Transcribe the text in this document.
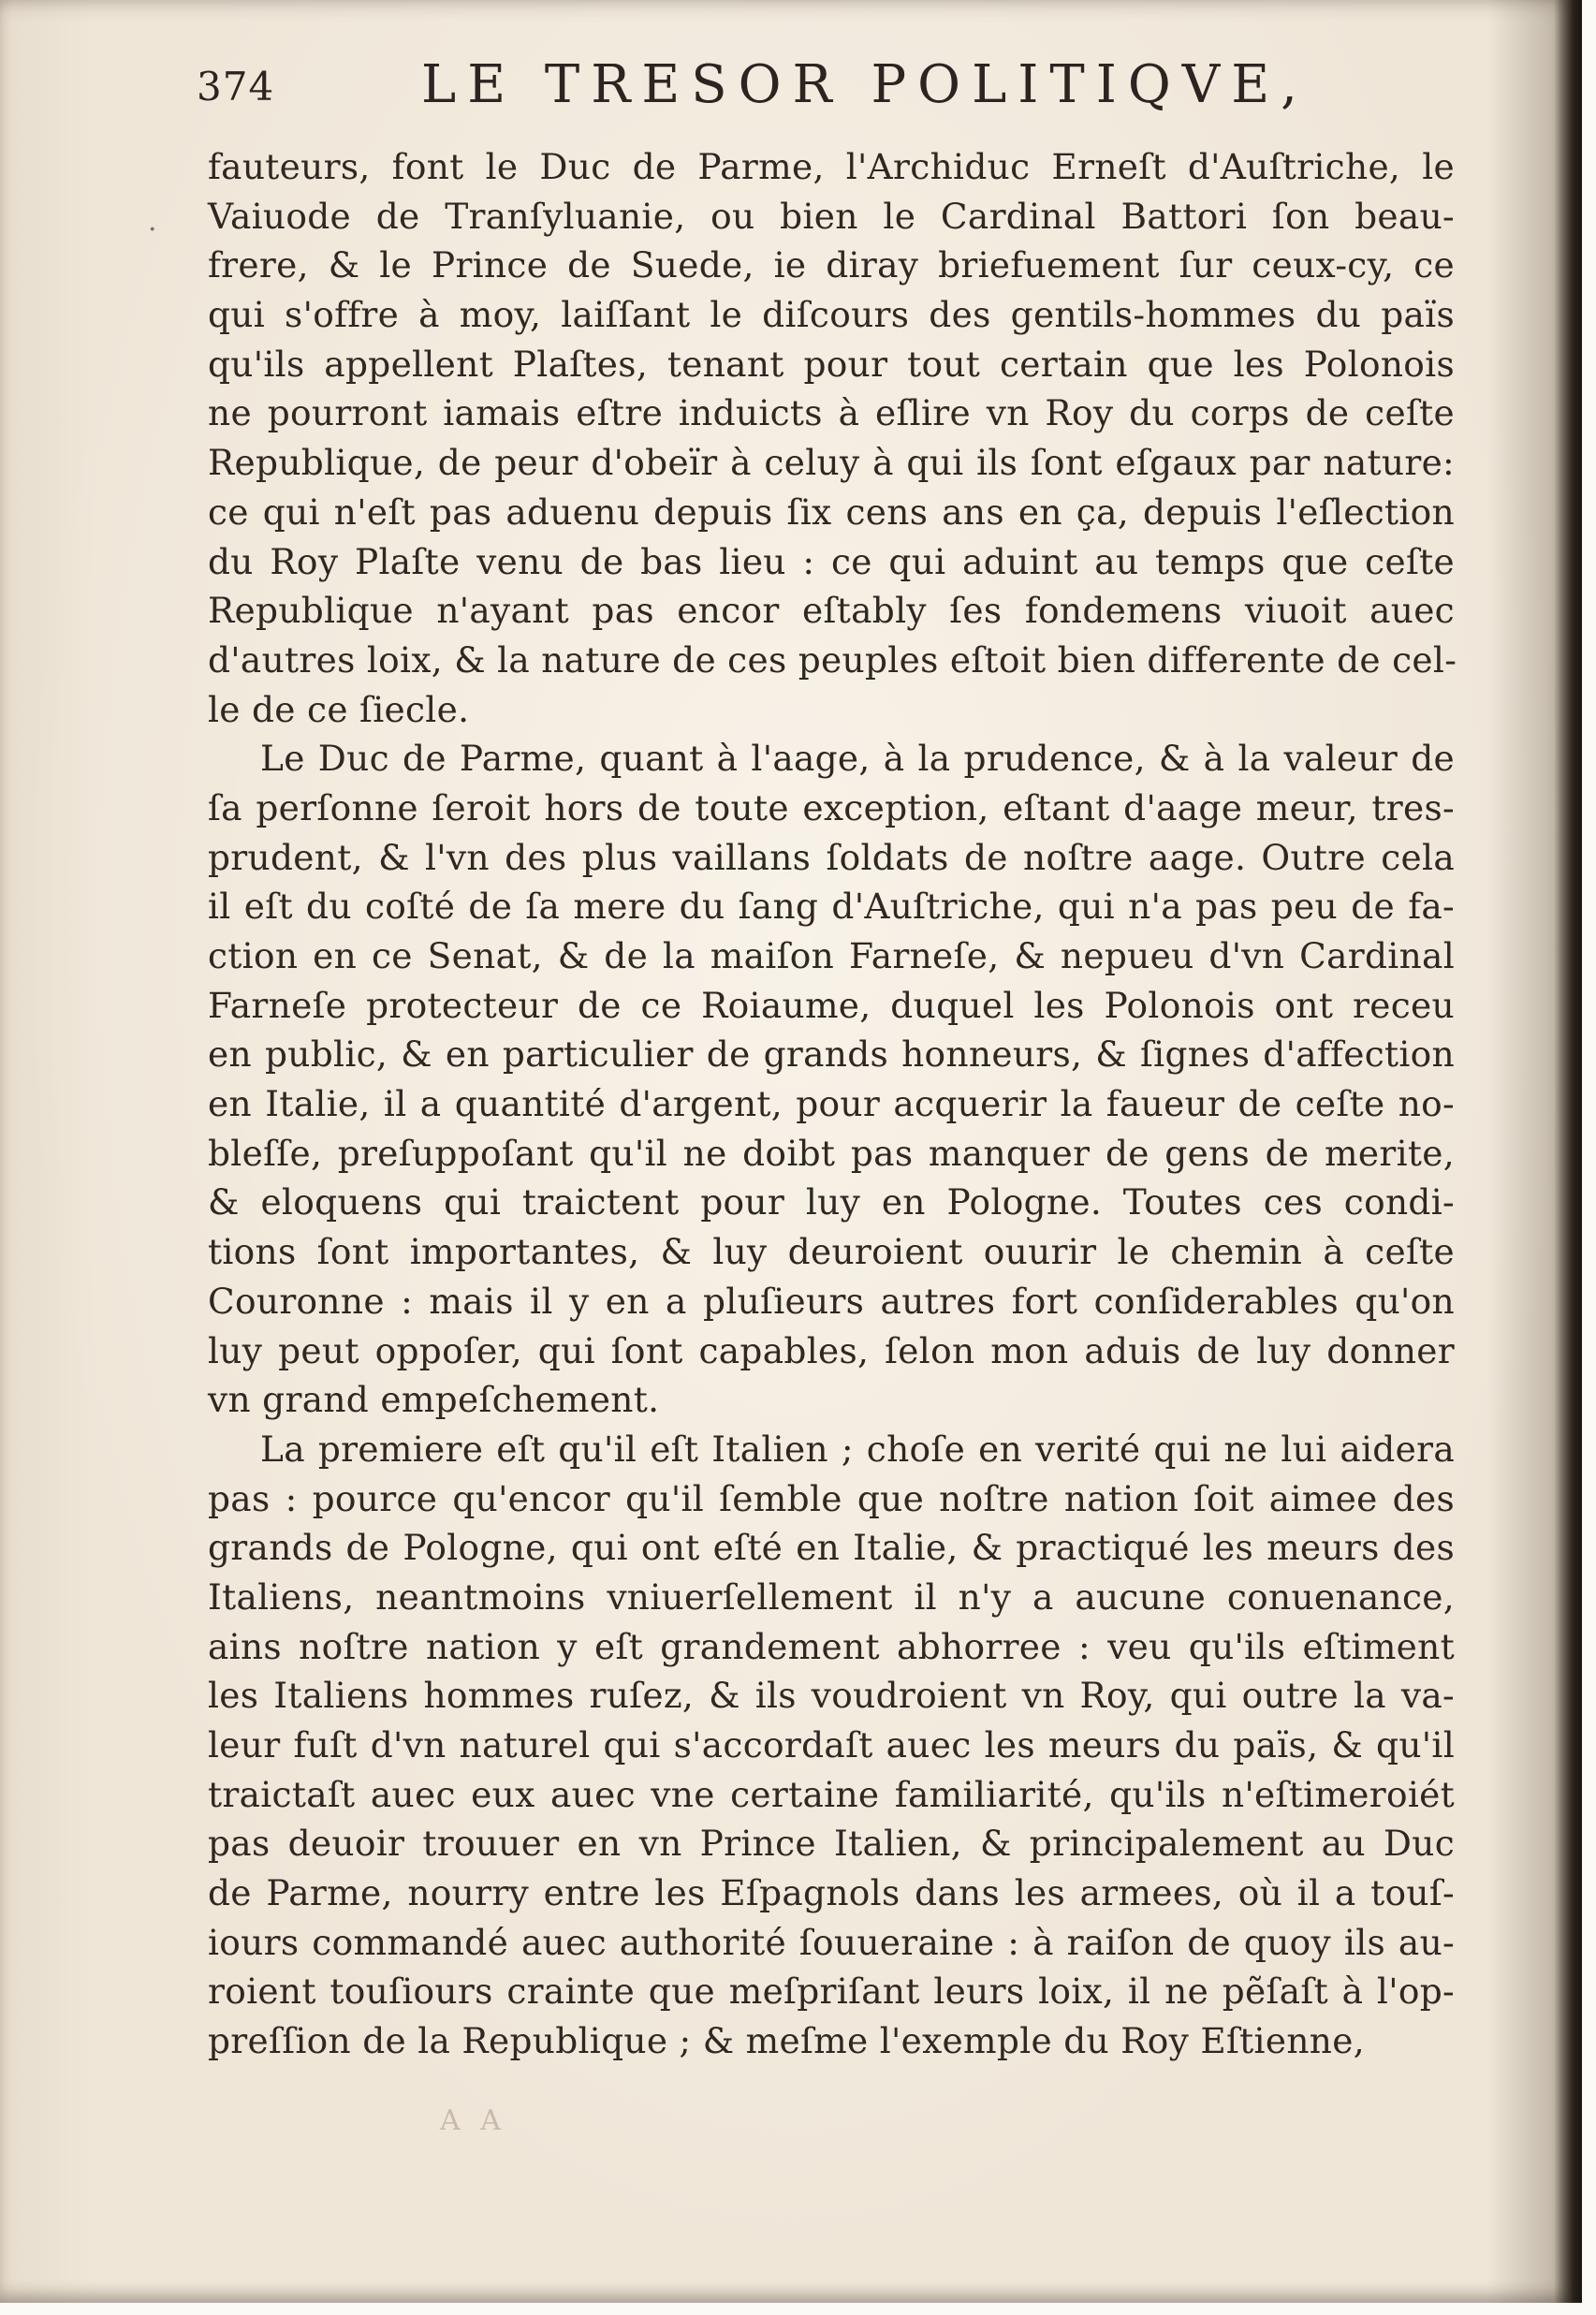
374	LE TRESOR POLITIQVE,
·
fauteurs, font le Duc de Parme, l'Archiduc Erneſt d'Auſtriche, le
Vaiuode de Tranſyluanie, ou bien le Cardinal Battori ſon beau-
frere, & le Prince de Suede, ie diray briefuement ſur ceux-cy, ce
qui s'offre à moy, laiſſant le diſcours des gentils-hommes du païs
qu'ils appellent Plaſtes, tenant pour tout certain que les Polonois
ne pourront iamais eſtre induicts à eſlire vn Roy du corps de ceſte
Republique, de peur d'obeïr à celuy à qui ils ſont eſgaux par nature:
ce qui n'eſt pas aduenu depuis ſix cens ans en ça, depuis l'eſlection
du Roy Plaſte venu de bas lieu : ce qui aduint au temps que ceſte
Republique n'ayant pas encor eſtably ſes fondemens viuoit auec
d'autres loix, & la nature de ces peuples eſtoit bien differente de cel-
le de ce ſiecle.
Le Duc de Parme, quant à l'aage, à la prudence, & à la valeur de
ſa perſonne ſeroit hors de toute exception, eſtant d'aage meur, tres-
prudent, & l'vn des plus vaillans ſoldats de noſtre aage. Outre cela
il eſt du coſté de ſa mere du ſang d'Auſtriche, qui n'a pas peu de fa-
ction en ce Senat, & de la maiſon Farneſe, & nepueu d'vn Cardinal
Farneſe protecteur de ce Roiaume, duquel les Polonois ont receu
en public, & en particulier de grands honneurs, & ſignes d'affection
en Italie, il a quantité d'argent, pour acquerir la faueur de ceſte no-
bleſſe, preſuppoſant qu'il ne doibt pas manquer de gens de merite,
& eloquens qui traictent pour luy en Pologne. Toutes ces condi-
tions ſont importantes, & luy deuroient ouurir le chemin à ceſte
Couronne : mais il y en a pluſieurs autres fort conſiderables qu'on
luy peut oppoſer, qui ſont capables, ſelon mon aduis de luy donner
vn grand empeſchement.
La premiere eſt qu'il eſt Italien ; choſe en verité qui ne lui aidera
pas : pource qu'encor qu'il ſemble que noſtre nation ſoit aimee des
grands de Pologne, qui ont eſté en Italie, & practiqué les meurs des
Italiens, neantmoins vniuerſellement il n'y a aucune conuenance,
ains noſtre nation y eſt grandement abhorree : veu qu'ils eſtiment
les Italiens hommes ruſez, & ils voudroient vn Roy, qui outre la va-
leur fuſt d'vn naturel qui s'accordaſt auec les meurs du païs, & qu'il
traictaſt auec eux auec vne certaine familiarité, qu'ils n'eſtimeroiét
pas deuoir trouuer en vn Prince Italien, & principalement au Duc
de Parme, nourry entre les Eſpagnols dans les armees, où il a touſ-
iours commandé auec authorité ſouueraine : à raiſon de quoy ils au-
roient touſiours crainte que meſpriſant leurs loix, il ne pẽſaſt à l'op-
preſſion de la Republique ; & meſme l'exemple du Roy Eſtienne,
A A
